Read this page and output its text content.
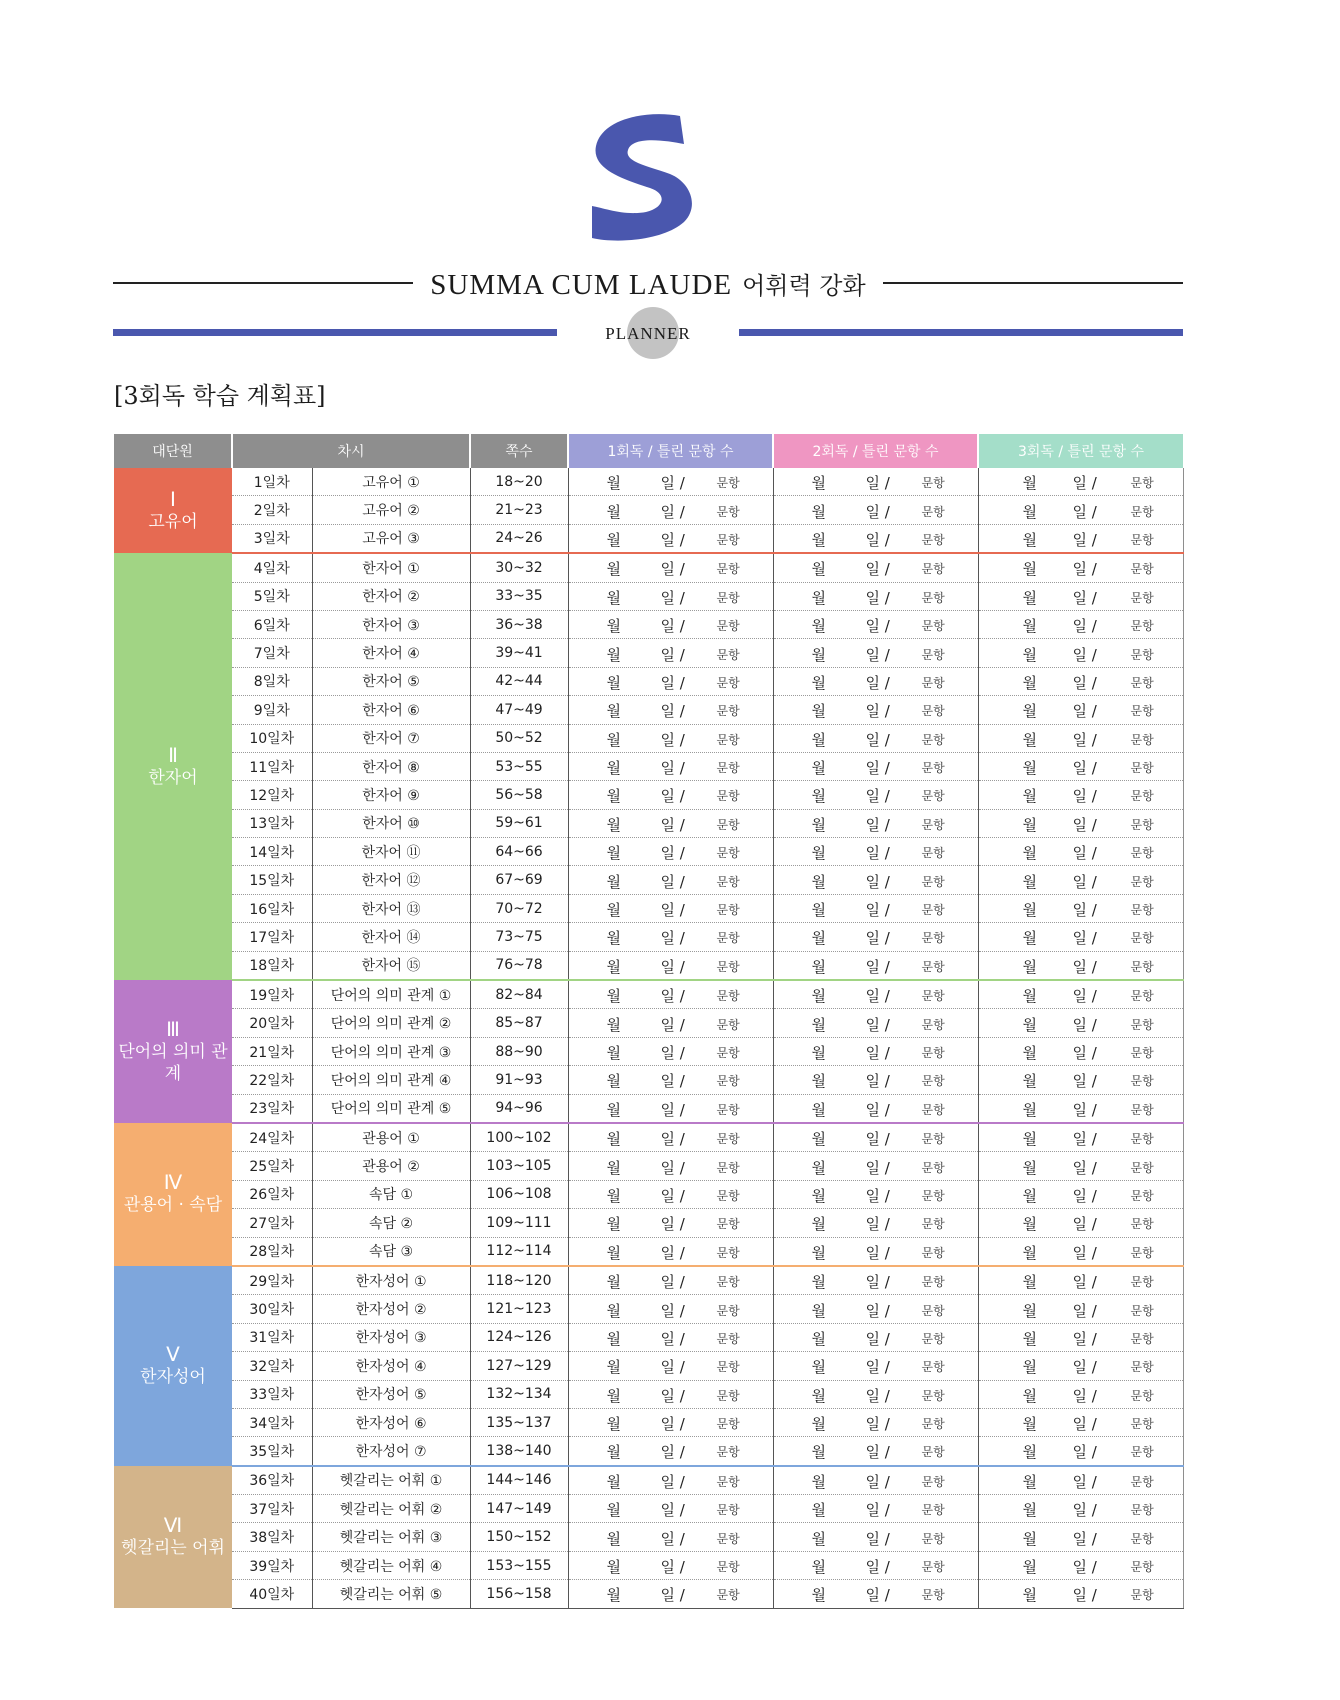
SUMMA CUM LAUDE 어휘력 강화
PLANNER
[3회독 학습 계획표]
대단원	차시		쪽수	1회독 / 틀린 문항 수	2회독 / 틀린 문항 수	3회독 / 틀린 문항 수

Ⅰ
고유어	1일차	고유어 ①	18~20	월 일 / 문항	월 일 / 문항	월 일 / 문항

	2일차	고유어 ②	21~23	월 일 / 문항	월 일 / 문항	월 일 / 문항

	3일차	고유어 ③	24~26	월 일 / 문항	월 일 / 문항	월 일 / 문항

Ⅱ
한자어	4일차	한자어 ①	30~32	월 일 / 문항	월 일 / 문항	월 일 / 문항

	5일차	한자어 ②	33~35	월 일 / 문항	월 일 / 문항	월 일 / 문항

	6일차	한자어 ③	36~38	월 일 / 문항	월 일 / 문항	월 일 / 문항

	7일차	한자어 ④	39~41	월 일 / 문항	월 일 / 문항	월 일 / 문항

	8일차	한자어 ⑤	42~44	월 일 / 문항	월 일 / 문항	월 일 / 문항

	9일차	한자어 ⑥	47~49	월 일 / 문항	월 일 / 문항	월 일 / 문항

	10일차	한자어 ⑦	50~52	월 일 / 문항	월 일 / 문항	월 일 / 문항

	11일차	한자어 ⑧	53~55	월 일 / 문항	월 일 / 문항	월 일 / 문항

	12일차	한자어 ⑨	56~58	월 일 / 문항	월 일 / 문항	월 일 / 문항

	13일차	한자어 ⑩	59~61	월 일 / 문항	월 일 / 문항	월 일 / 문항

	14일차	한자어 ⑪	64~66	월 일 / 문항	월 일 / 문항	월 일 / 문항

	15일차	한자어 ⑫	67~69	월 일 / 문항	월 일 / 문항	월 일 / 문항

	16일차	한자어 ⑬	70~72	월 일 / 문항	월 일 / 문항	월 일 / 문항

	17일차	한자어 ⑭	73~75	월 일 / 문항	월 일 / 문항	월 일 / 문항

	18일차	한자어 ⑮	76~78	월 일 / 문항	월 일 / 문항	월 일 / 문항

Ⅲ
단어의 의미 관계	19일차	단어의 의미 관계 ①	82~84	월 일 / 문항	월 일 / 문항	월 일 / 문항

	20일차	단어의 의미 관계 ②	85~87	월 일 / 문항	월 일 / 문항	월 일 / 문항

	21일차	단어의 의미 관계 ③	88~90	월 일 / 문항	월 일 / 문항	월 일 / 문항

	22일차	단어의 의미 관계 ④	91~93	월 일 / 문항	월 일 / 문항	월 일 / 문항

	23일차	단어의 의미 관계 ⑤	94~96	월 일 / 문항	월 일 / 문항	월 일 / 문항

Ⅳ
관용어 · 속담	24일차	관용어 ①	100~102	월 일 / 문항	월 일 / 문항	월 일 / 문항

	25일차	관용어 ②	103~105	월 일 / 문항	월 일 / 문항	월 일 / 문항

	26일차	속담 ①	106~108	월 일 / 문항	월 일 / 문항	월 일 / 문항

	27일차	속담 ②	109~111	월 일 / 문항	월 일 / 문항	월 일 / 문항

	28일차	속담 ③	112~114	월 일 / 문항	월 일 / 문항	월 일 / 문항

Ⅴ
한자성어	29일차	한자성어 ①	118~120	월 일 / 문항	월 일 / 문항	월 일 / 문항

	30일차	한자성어 ②	121~123	월 일 / 문항	월 일 / 문항	월 일 / 문항

	31일차	한자성어 ③	124~126	월 일 / 문항	월 일 / 문항	월 일 / 문항

	32일차	한자성어 ④	127~129	월 일 / 문항	월 일 / 문항	월 일 / 문항

	33일차	한자성어 ⑤	132~134	월 일 / 문항	월 일 / 문항	월 일 / 문항

	34일차	한자성어 ⑥	135~137	월 일 / 문항	월 일 / 문항	월 일 / 문항

	35일차	한자성어 ⑦	138~140	월 일 / 문항	월 일 / 문항	월 일 / 문항

Ⅵ
헷갈리는 어휘	36일차	헷갈리는 어휘 ①	144~146	월 일 / 문항	월 일 / 문항	월 일 / 문항

	37일차	헷갈리는 어휘 ②	147~149	월 일 / 문항	월 일 / 문항	월 일 / 문항

	38일차	헷갈리는 어휘 ③	150~152	월 일 / 문항	월 일 / 문항	월 일 / 문항

	39일차	헷갈리는 어휘 ④	153~155	월 일 / 문항	월 일 / 문항	월 일 / 문항

	40일차	헷갈리는 어휘 ⑤	156~158	월 일 / 문항	월 일 / 문항	월 일 / 문항
